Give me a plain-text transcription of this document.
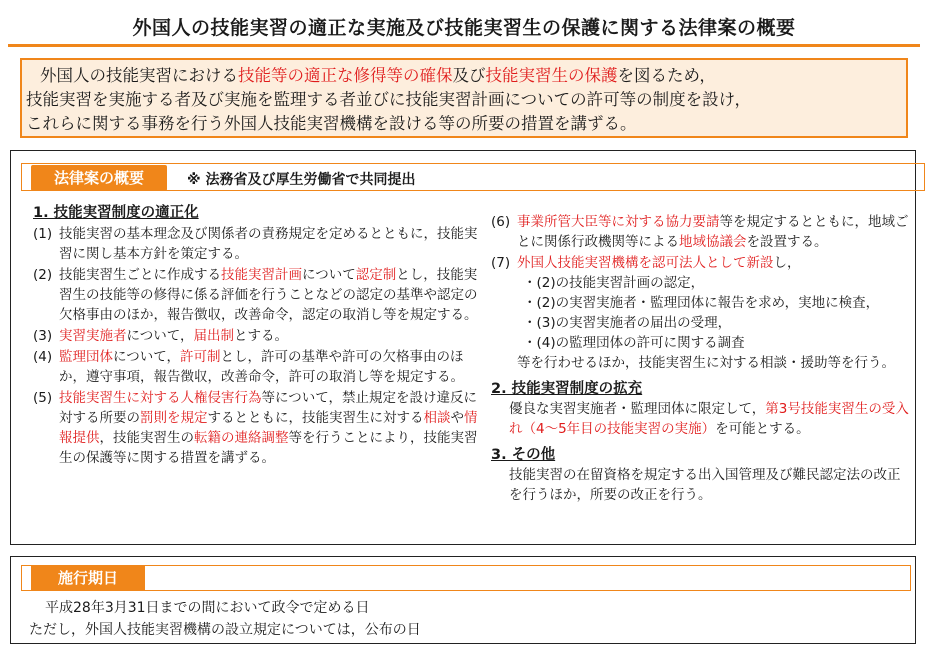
外国人の技能実習の適正な実施及び技能実習生の保護に関する法律案の概要
外国人の技能実習における技能等の適正な修得等の確保及び技能実習生の保護を図るため，
技能実習を実施する者及び実施を監理する者並びに技能実習計画についての許可等の制度を設け，
これらに関する事務を行う外国人技能実習機構を設ける等の所要の措置を講ずる。
法律案の概要	※ 法務省及び厚生労働省で共同提出
1. 技能実習制度の適正化
(1) 技能実習の基本理念及び関係者の責務規定を定めるとともに，技能実習に関し基本方針を策定する。
(2) 技能実習生ごとに作成する技能実習計画について認定制とし，技能実習生の技能等の修得に係る評価を行うことなどの認定の基準や認定の欠格事由のほか，報告徴収，改善命令，認定の取消し等を規定する。
(3) 実習実施者について，届出制とする。
(4) 監理団体について，許可制とし，許可の基準や許可の欠格事由のほか，遵守事項，報告徴収，改善命令，許可の取消し等を規定する。
(5) 技能実習生に対する人権侵害行為等について，禁止規定を設け違反に対する所要の罰則を規定するとともに，技能実習生に対する相談や情報提供，技能実習生の転籍の連絡調整等を行うことにより，技能実習生の保護等に関する措置を講ずる。
(6) 事業所管大臣等に対する協力要請等を規定するとともに，地域ごとに関係行政機関等による地域協議会を設置する。
(7) 外国人技能実習機構を認可法人として新設し，
・(2)の技能実習計画の認定，
・(2)の実習実施者・監理団体に報告を求め，実地に検査，
・(3)の実習実施者の届出の受理，
・(4)の監理団体の許可に関する調査
等を行わせるほか，技能実習生に対する相談・援助等を行う。
2. 技能実習制度の拡充
優良な実習実施者・監理団体に限定して，第3号技能実習生の受入れ（4～5年目の技能実習の実施）を可能とする。
3. その他
技能実習の在留資格を規定する出入国管理及び難民認定法の改正を行うほか，所要の改正を行う。
施行期日
平成28年3月31日までの間において政令で定める日
ただし，外国人技能実習機構の設立規定については，公布の日
